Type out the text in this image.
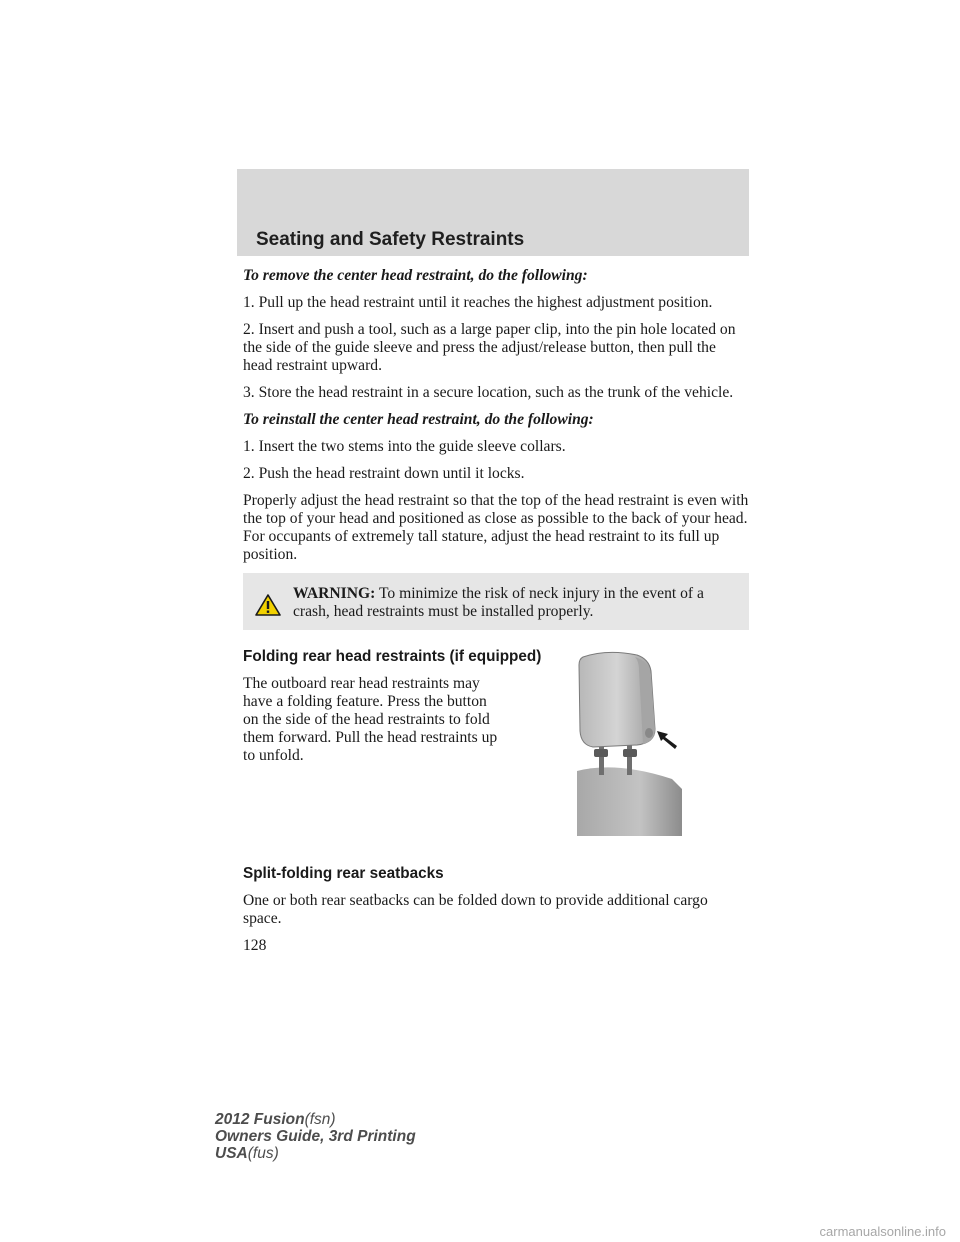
Seating and Safety Restraints

To remove the center head restraint, do the following:

1. Pull up the head restraint until it reaches the highest adjustment position.

2. Insert and push a tool, such as a large paper clip, into the pin hole located on the side of the guide sleeve and press the adjust/release button, then pull the head restraint upward.

3. Store the head restraint in a secure location, such as the trunk of the vehicle.

To reinstall the center head restraint, do the following:

1. Insert the two stems into the guide sleeve collars.

2. Push the head restraint down until it locks.

Properly adjust the head restraint so that the top of the head restraint is even with the top of your head and positioned as close as possible to the back of your head. For occupants of extremely tall stature, adjust the head restraint to its full up position.

WARNING: To minimize the risk of neck injury in the event of a crash, head restraints must be installed properly.

Folding rear head restraints (if equipped)

The outboard rear head restraints may have a folding feature. Press the button on the side of the head restraints to fold them forward. Pull the head restraints up to unfold.

Split-folding rear seatbacks

One or both rear seatbacks can be folded down to provide additional cargo space.

128

2012 Fusion(fsn)
Owners Guide, 3rd Printing
USA(fus)
carmanualsonline.info
